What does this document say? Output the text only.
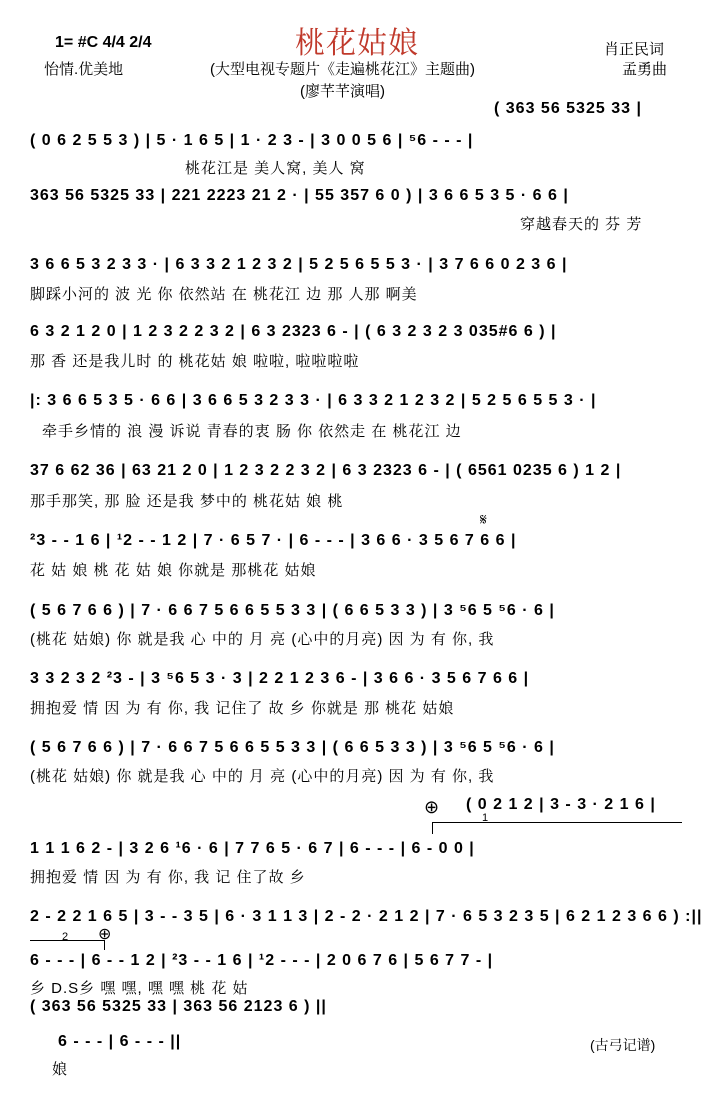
桃花姑娘
1= #C 4/4 2/4
怡情.优美地	(大型电视专题片《走遍桃花江》主题曲)
(廖芊芊演唱)
肖正民词
孟勇曲
( 363 56 5325 33 |
( 0 6 2 5 5 3 ) | 5 · 1 6 5 | 1 · 2 3 - | 3 0 0 5 6 | ⁵6 - - - |
桃花江是 美人窝, 美人 窝
363 56 5325 33 | 221 2223 21 2 · | 55 357 6 0 ) | 3 6 6 5 3 5 · 6 6 |
穿越春天的 芬 芳
3 6 6 5 3 2 3 3 · | 6 3 3 2 1 2 3 2 | 5 2 5 6 5 5 3 · | 3 7 6 6 0 2 3 6 |
脚踩小河的 波 光 你 依然站 在 桃花江 边 那 人那 啊美
6 3 2 1 2 0 | 1 2 3 2 2 3 2 | 6 3 2323 6 - | ( 6 3 2 3 2 3 035#6 6 ) |
那 香 还是我儿时 的 桃花姑 娘 啦啦, 啦啦啦啦
|: 3 6 6 5 3 5 · 6 6 | 3 6 6 5 3 2 3 3 · | 6 3 3 2 1 2 3 2 | 5 2 5 6 5 5 3 · |
牵手乡情的 浪 漫 诉说 青春的衷 肠 你 依然走 在 桃花江 边
37 6 62 36 | 63 21 2 0 | 1 2 3 2 2 3 2 | 6 3 2323 6 - | ( 6561 0235 6 ) 1 2 |
那手那笑, 那 脸 还是我 梦中的 桃花姑 娘 桃
𝄋
²3 - - 1 6 | ¹2 - - 1 2 | 7 · 6 5 7 · | 6 - - - | 3 6 6 · 3 5 6 7 6 6 |
花 姑 娘 桃 花 姑 娘 你就是 那桃花 姑娘
( 5 6 7 6 6 ) | 7 · 6 6 7 5 6 6 5 5 3 3 | ( 6 6 5 3 3 ) | 3 ⁵6 5 ⁵6 · 6 |
(桃花 姑娘) 你 就是我 心 中的 月 亮 (心中的月亮) 因 为 有 你, 我
3 3 2 3 2 ²3 - | 3 ⁵6 5 3 · 3 | 2 2 1 2 3 6 - | 3 6 6 · 3 5 6 7 6 6 |
拥抱爱 情 因 为 有 你, 我 记住了 故 乡 你就是 那 桃花 姑娘
( 5 6 7 6 6 ) | 7 · 6 6 7 5 6 6 5 5 3 3 | ( 6 6 5 3 3 ) | 3 ⁵6 5 ⁵6 · 6 |
(桃花 姑娘) 你 就是我 心 中的 月 亮 (心中的月亮) 因 为 有 你, 我
⊕ ( 0 2 1 2 | 3 - 3 · 2 1 6 |
1
1 1 1 6 2 - | 3 2 6 ¹6 · 6 | 7 7 6 5 · 6 7 | 6 - - - | 6 - 0 0 |
拥抱爱 情 因 为 有 你, 我 记 住了故 乡
2 - 2 2 1 6 5 | 3 - - 3 5 | 6 · 3 1 1 3 | 2 - 2 · 2 1 2 | 7 · 6 5 3 2 3 5 | 6 2 1 2 3 6 6 ) :||
2 ⊕
6 - - - | 6 - - 1 2 | ²3 - - 1 6 | ¹2 - - - | 2 0 6 7 6 | 5 6 7 7 - |
乡 D.S乡 嘿 嘿, 嘿 嘿 桃 花 姑
( 363 56 5325 33 | 363 56 2123 6 ) ||
6 - - - | 6 - - - ||
娘
(古弓记谱)
